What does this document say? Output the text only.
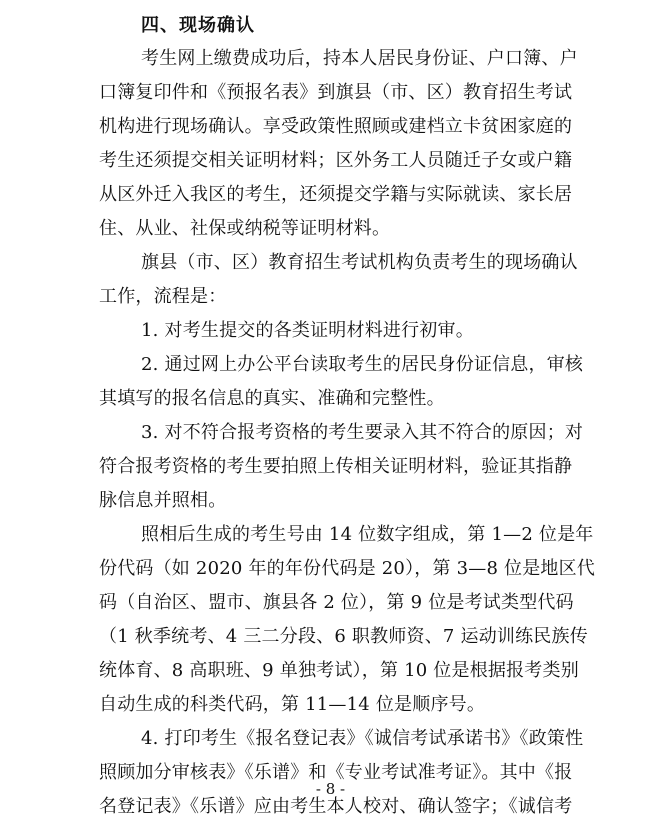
四、现场确认
考生网上缴费成功后，持本人居民身份证、户口簿、户
口簿复印件和《预报名表》到旗县（市、区）教育招生考试
机构进行现场确认。享受政策性照顾或建档立卡贫困家庭的
考生还须提交相关证明材料；区外务工人员随迁子女或户籍
从区外迁入我区的考生，还须提交学籍与实际就读、家长居
住、从业、社保或纳税等证明材料。
旗县（市、区）教育招生考试机构负责考生的现场确认
工作，流程是：
1. 对考生提交的各类证明材料进行初审。
2. 通过网上办公平台读取考生的居民身份证信息，审核
其填写的报名信息的真实、准确和完整性。
3. 对不符合报考资格的考生要录入其不符合的原因；对
符合报考资格的考生要拍照上传相关证明材料，验证其指静
脉信息并照相。
照相后生成的考生号由 14 位数字组成，第 1—2 位是年
份代码（如 2020 年的年份代码是 20），第 3—8 位是地区代
码（自治区、盟市、旗县各 2 位），第 9 位是考试类型代码
（1 秋季统考、4 三二分段、6 职教师资、7 运动训练民族传
统体育、8 高职班、9 单独考试），第 10 位是根据报考类别
自动生成的科类代码，第 11—14 位是顺序号。
4. 打印考生《报名登记表》《诚信考试承诺书》《政策性
照顾加分审核表》《乐谱》和《专业考试准考证》。其中《报
名登记表》《乐谱》应由考生本人校对、确认签字；《诚信考
- 8 -
